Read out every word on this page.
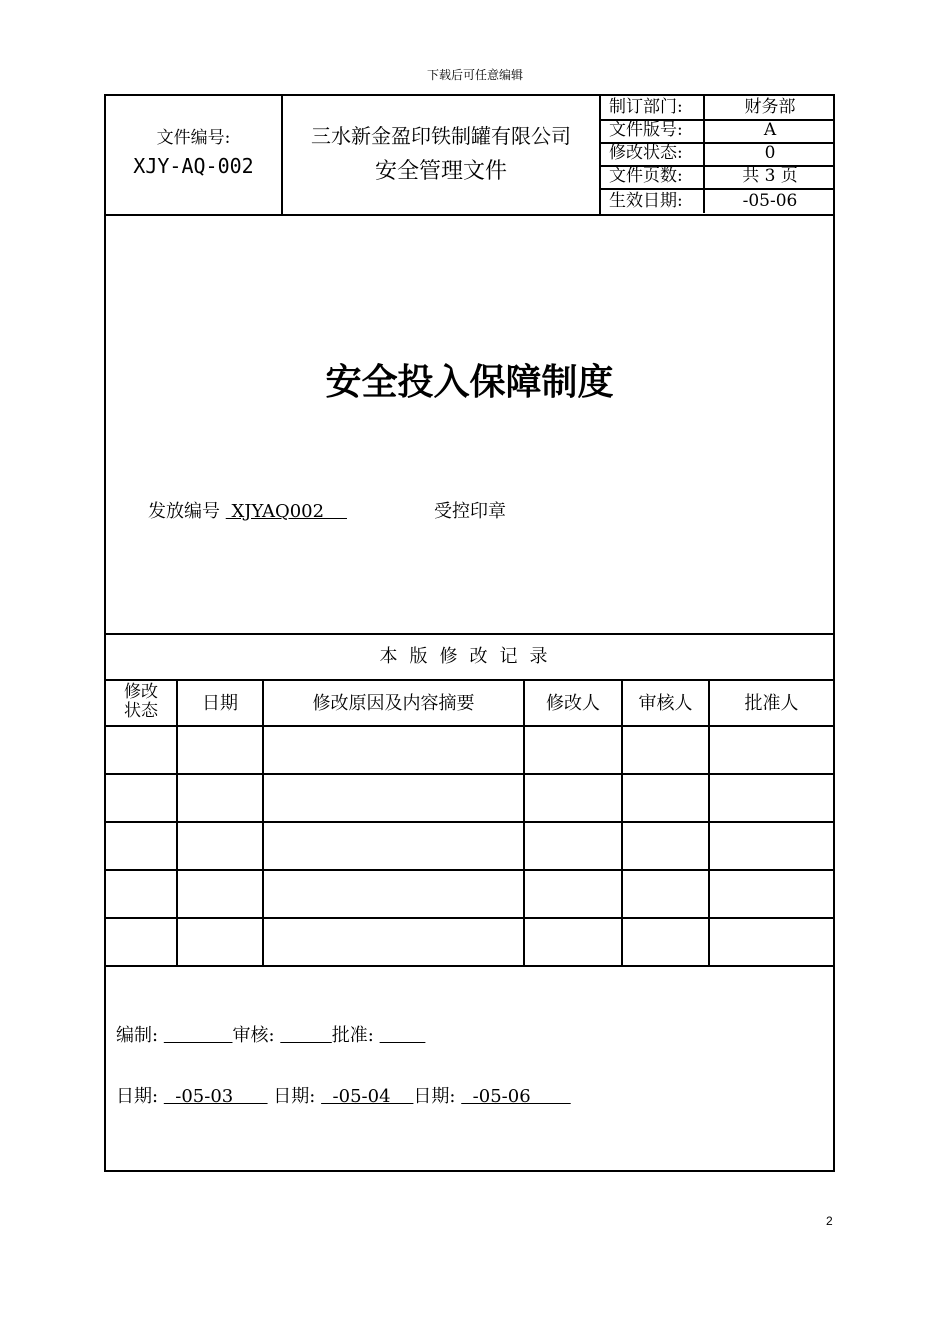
下载后可任意编辑
文件编号:
XJY-AQ-002
三水新金盈印铁制罐有限公司
安全管理文件
制订部门:	财务部
文件版号:	A
修改状态:	0
文件页数:	共 3 页
生效日期:	-05-06
安全投入保障制度
发放编号  XJYAQ002	受控印章
本版修改记录
修改
状态	日期	修改原因及内容摘要	修改人	审核人	批准人
编制:	审核:	批准:
日期:   -05-03       日期:   -05-04    日期:   -05-06
2
